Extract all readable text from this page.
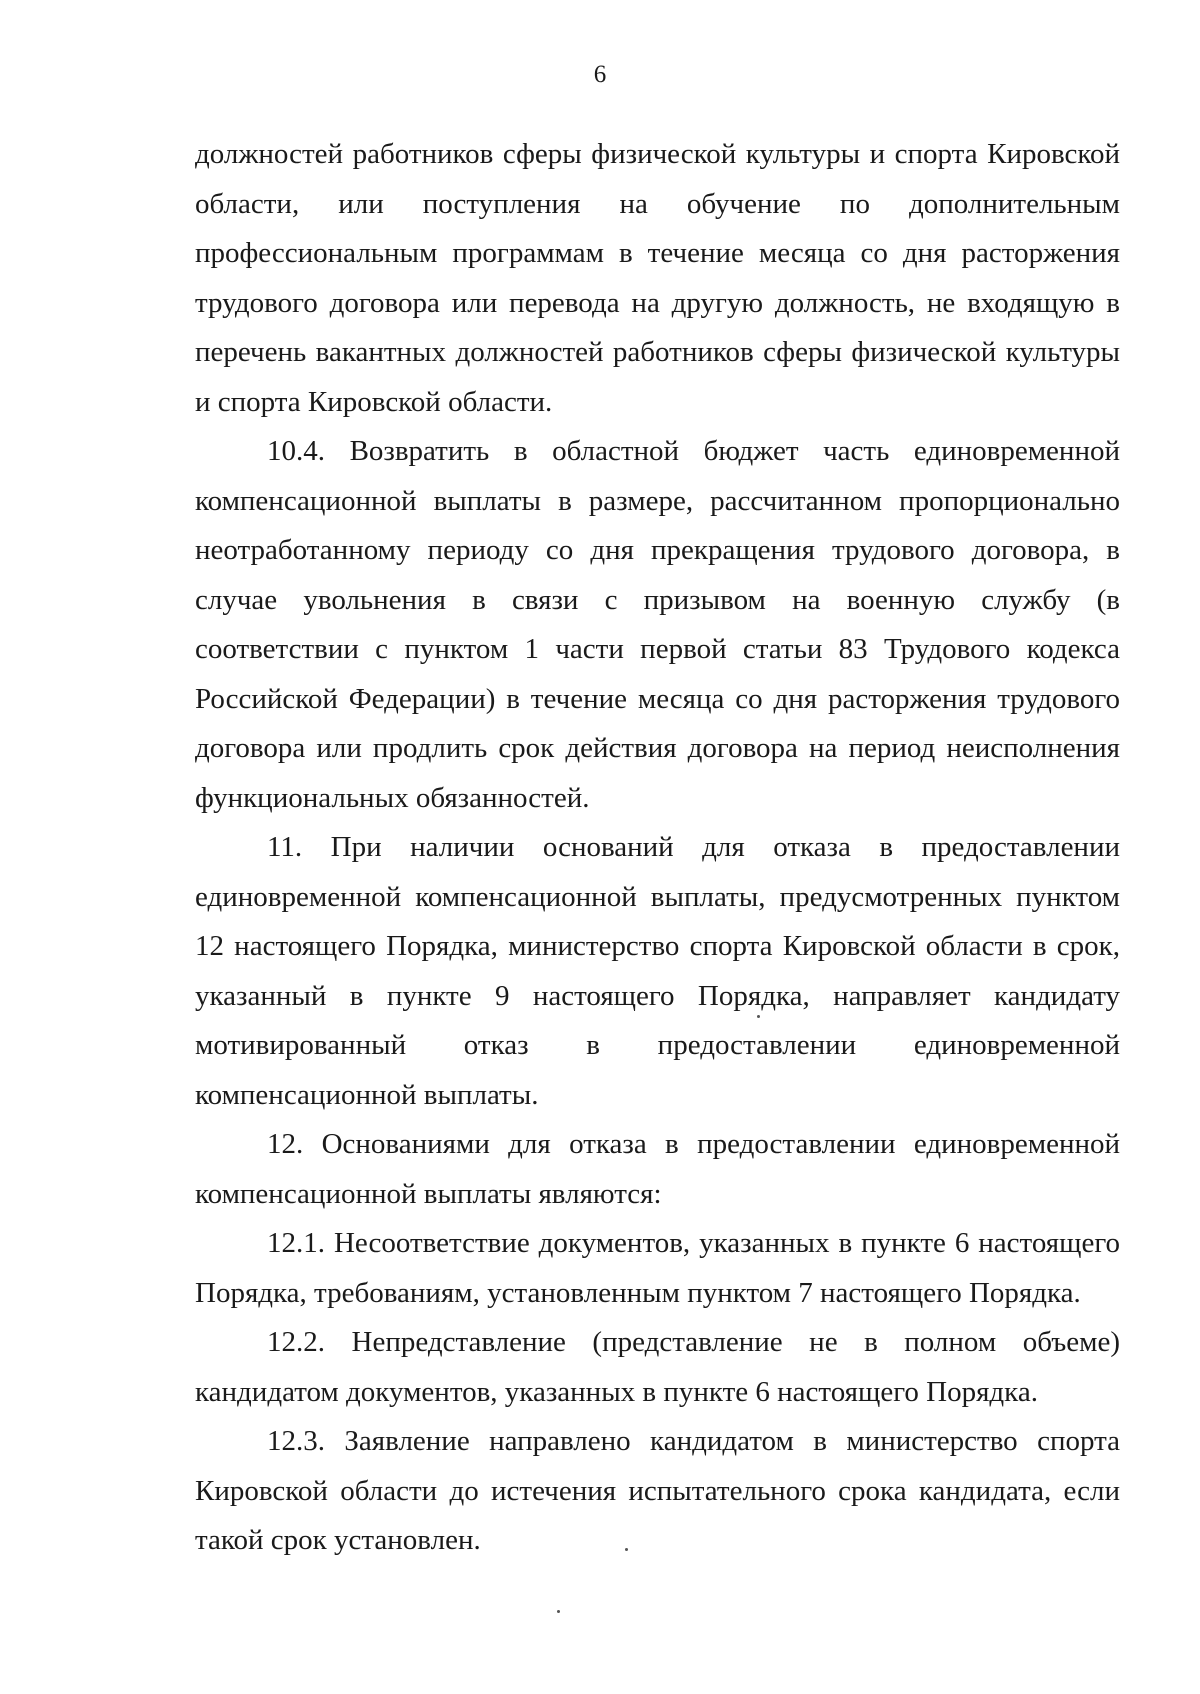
6

должностей работников сферы физической культуры и спорта Кировской области, или поступления на обучение по дополнительным профессиональным программам в течение месяца со дня расторжения трудового договора или перевода на другую должность, не входящую в перечень вакантных должностей работников сферы физической культуры и спорта Кировской области.

10.4. Возвратить в областной бюджет часть единовременной компенсационной выплаты в размере, рассчитанном пропорционально неотработанному периоду со дня прекращения трудового договора, в случае увольнения в связи с призывом на военную службу (в соответствии с пунктом 1 части первой статьи 83 Трудового кодекса Российской Федерации) в течение месяца со дня расторжения трудового договора или продлить срок действия договора на период неисполнения функциональных обязанностей.

11. При наличии оснований для отказа в предоставлении единовременной компенсационной выплаты, предусмотренных пунктом 12 настоящего Порядка, министерство спорта Кировской области в срок, указанный в пункте 9 настоящего Порядка, направляет кандидату мотивированный отказ в предоставлении единовременной компенсационной выплаты.

12. Основаниями для отказа в предоставлении единовременной компенсационной выплаты являются:

12.1. Несоответствие документов, указанных в пункте 6 настоящего Порядка, требованиям, установленным пунктом 7 настоящего Порядка.

12.2. Непредставление (представление не в полном объеме) кандидатом документов, указанных в пункте 6 настоящего Порядка.

12.3. Заявление направлено кандидатом в министерство спорта Кировской области до истечения испытательного срока кандидата, если такой срок установлен.
